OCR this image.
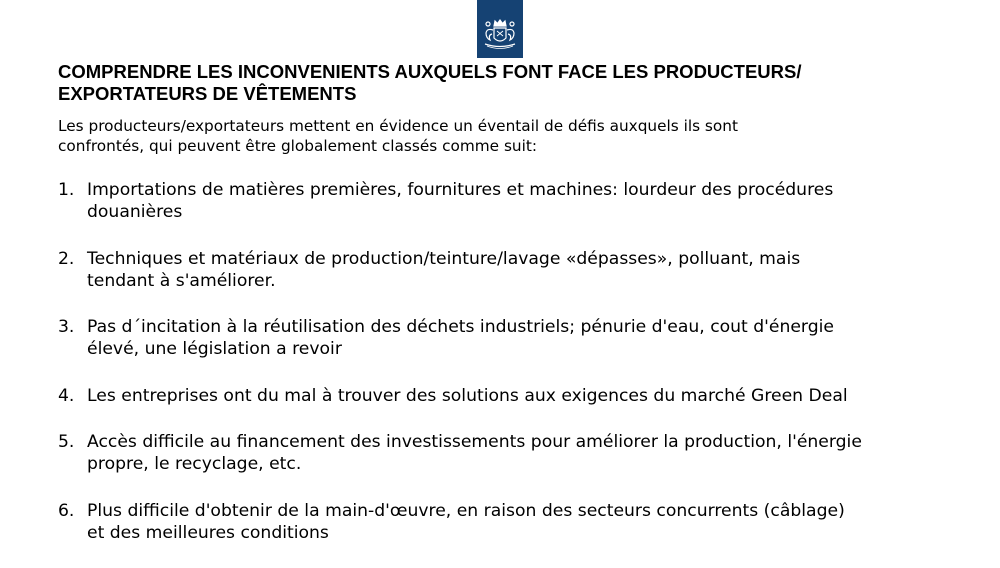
COMPRENDRE LES INCONVENIENTS AUXQUELS FONT FACE LES PRODUCTEURS/
EXPORTATEURS DE VÊTEMENTS

Les producteurs/exportateurs mettent en évidence un éventail de défis auxquels ils sont
confrontés, qui peuvent être globalement classés comme suit:

1. Importations de matières premières, fournitures et machines: lourdeur des procédures
douanières
2. Techniques et matériaux de production/teinture/lavage «dépasses», polluant, mais
tendant à s'améliorer.
3. Pas d´incitation à la réutilisation des déchets industriels; pénurie d'eau, cout d'énergie
élevé, une législation a revoir
4. Les entreprises ont du mal à trouver des solutions aux exigences du marché Green Deal
5. Accès difficile au financement des investissements pour améliorer la production, l'énergie
propre, le recyclage, etc.
6. Plus difficile d'obtenir de la main-d'œuvre, en raison des secteurs concurrents (câblage)
et des meilleures conditions
